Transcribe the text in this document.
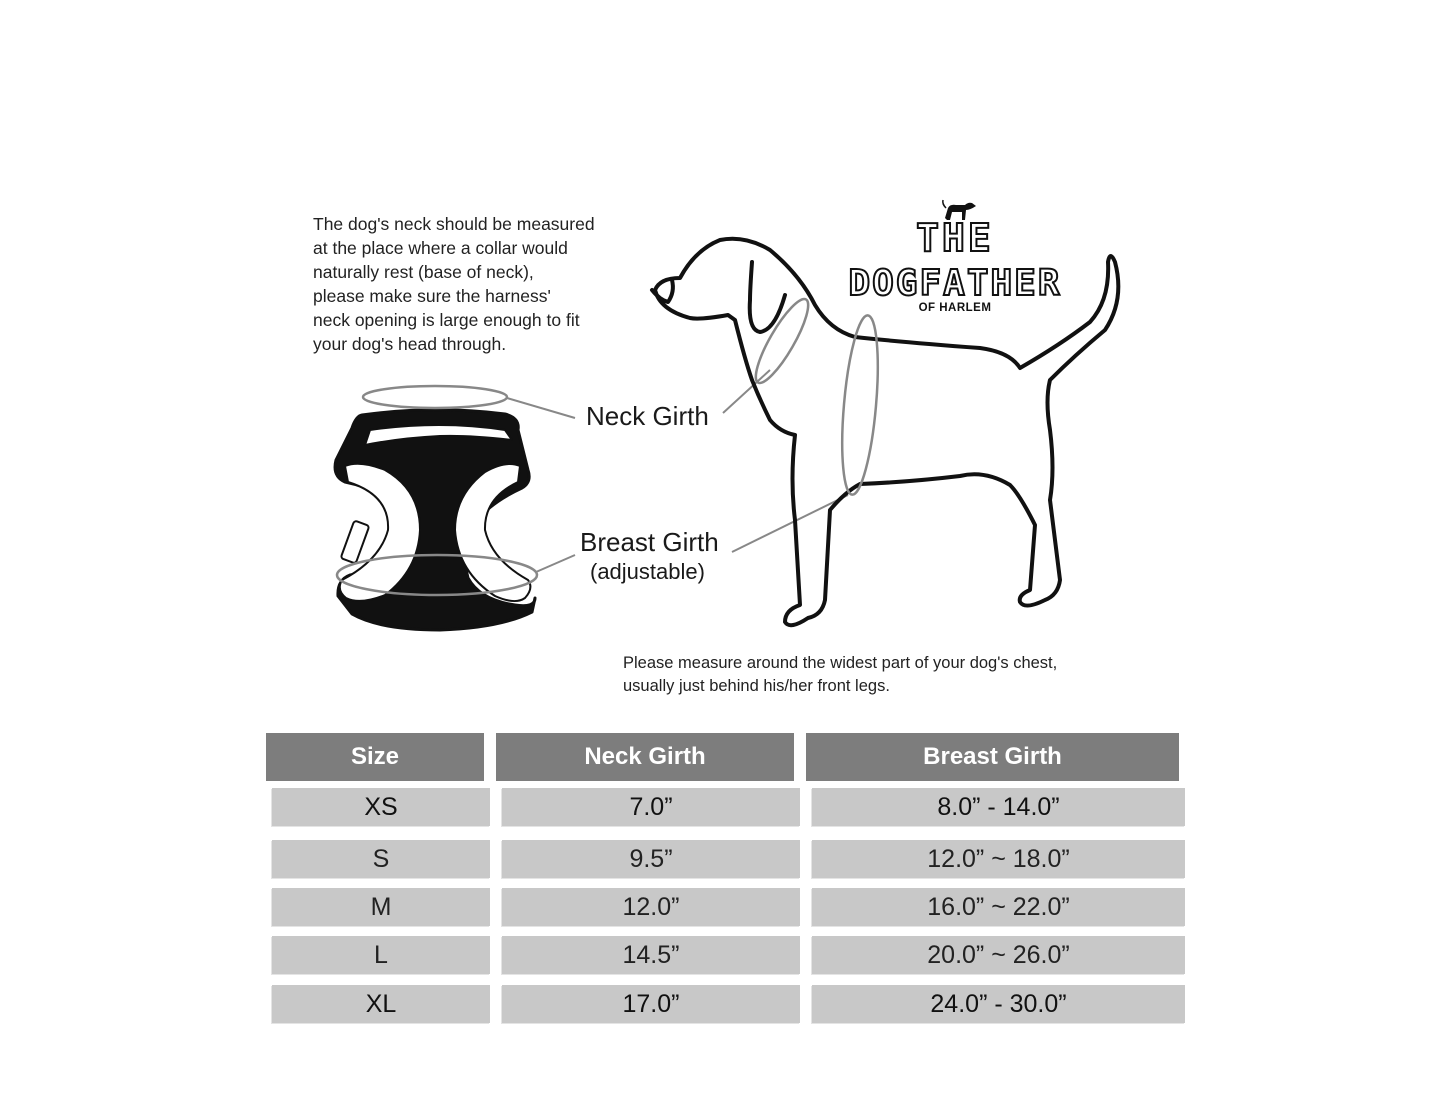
The dog's neck should be measured
at the place where a collar would
naturally rest (base of neck),
please make sure the harness'
neck opening is large enough to fit
your dog's head through.
THE
DOGFATHER
OF HARLEM
Neck Girth
Breast Girth
(adjustable)
Please measure around the widest part of your dog's chest,
usually just behind his/her front legs.
Size	Neck Girth	Breast Girth
XS	7.0”	8.0” - 14.0”
S	9.5”	12.0” ~ 18.0”
M	12.0”	16.0” ~ 22.0”
L	14.5”	20.0” ~ 26.0”
XL	17.0”	24.0” - 30.0”
